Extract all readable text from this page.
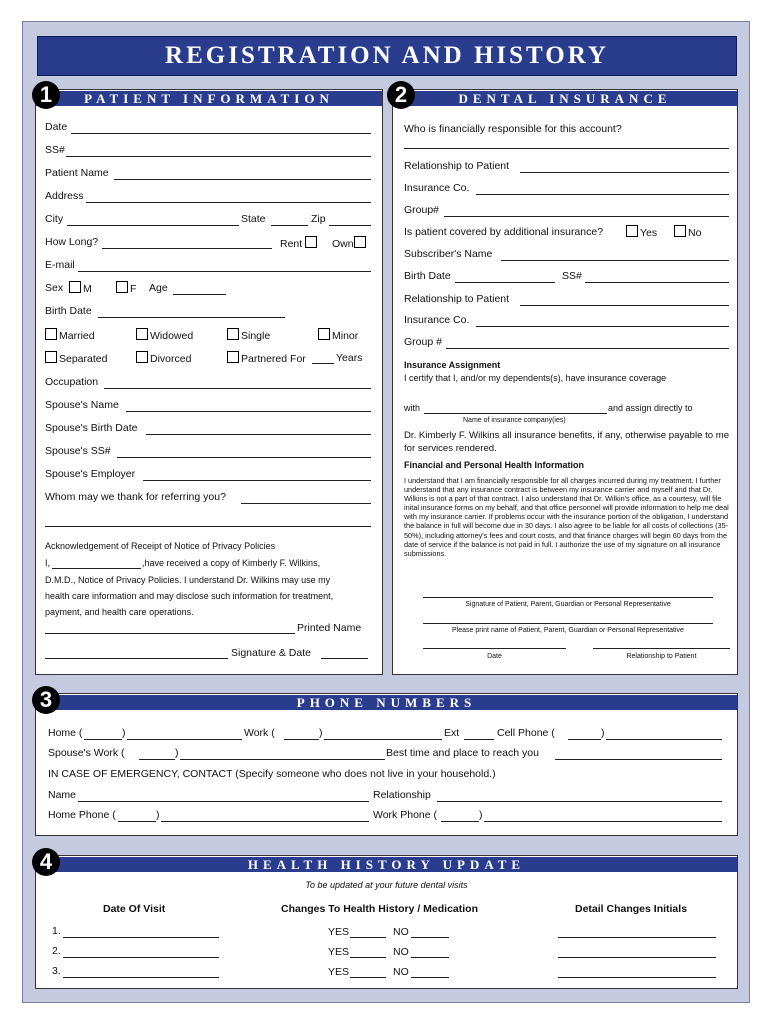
REGISTRATION AND HISTORY
PATIENT INFORMATION
Date
SS#
Patient Name
Address
City	State	Zip
How Long?	Rent	Own
E-mail
Sex	M	F Age
Birth Date
Married	Widowed	Single	Minor
Separated	Divorced	Partnered For	Years
Occupation
Spouse's Name
Spouse's Birth Date
Spouse's SS#
Spouse's Employer
Whom may we thank for referring you?
Acknowledgement of Receipt of Notice of Privacy Policies
I,	,have received a copy of Kimberly F. Wilkins,
D.M.D., Notice of Privacy Policies. I understand Dr. Wilkins may use my
health care information and may disclose such information for treatment,
payment, and health care operations.
Printed Name
Signature & Date
1	DENTAL INSURANCE
Who is financially responsible for this account?
Relationship to Patient
Insurance Co.
Group#
Is patient covered by additional insurance?	Yes	No
Subscriber's Name
Birth Date	SS#
Relationship to Patient
Insurance Co.
Group #
Insurance Assignment
I certify that I, and/or my dependents(s), have insurance coverage
with	and assign directly to
Name of insurance company(ies)
Dr. Kimberly F. Wilkins all insurance benefits, if any, otherwise payable to me for services rendered.
Financial and Personal Health Information
I understand that I am financially responsible for all charges incurred during my treatment. I further understand that any insurance contract is between my insurance carrier and myself and that Dr. Wilkins is not a part of that contract. I also understand that Dr. Wilkin's office, as a courtesy, will file inital insurance forms on my behalf, and that office personnel will provide information to help me deal with my insurance carrier. If problems occur with the insurance portion of the obligation, I understand the balance in full will become due in 30 days. I also agree to be liable for all costs of collections (35-50%), including attorney's fees and court costs, and that finance charges will begin 60 days from the date of service if the balance is not paid in full. I authorize the use of my signature on all insurance submissions.
Signature of Patient, Parent, Guardian or Personal Representative
Please print name of Patient, Parent, Guardian or Personal Representative
Date	Relationship to Patient
2
PHONE NUMBERS
Home (	)	Work (	)	Ext	Cell Phone (	)
Spouse's Work (	)	Best time and place to reach you
IN CASE OF EMERGENCY, CONTACT (Specify someone who does not live in your household.)
Name	Relationship
Home Phone (	)	Work Phone (	)
3
HEALTH HISTORY UPDATE
To be updated at your future dental visits
Date Of Visit	Changes To Health History / Medication	Detail Changes Initials
1.	YES	NO
2.	YES	NO
3.	YES	NO
4
